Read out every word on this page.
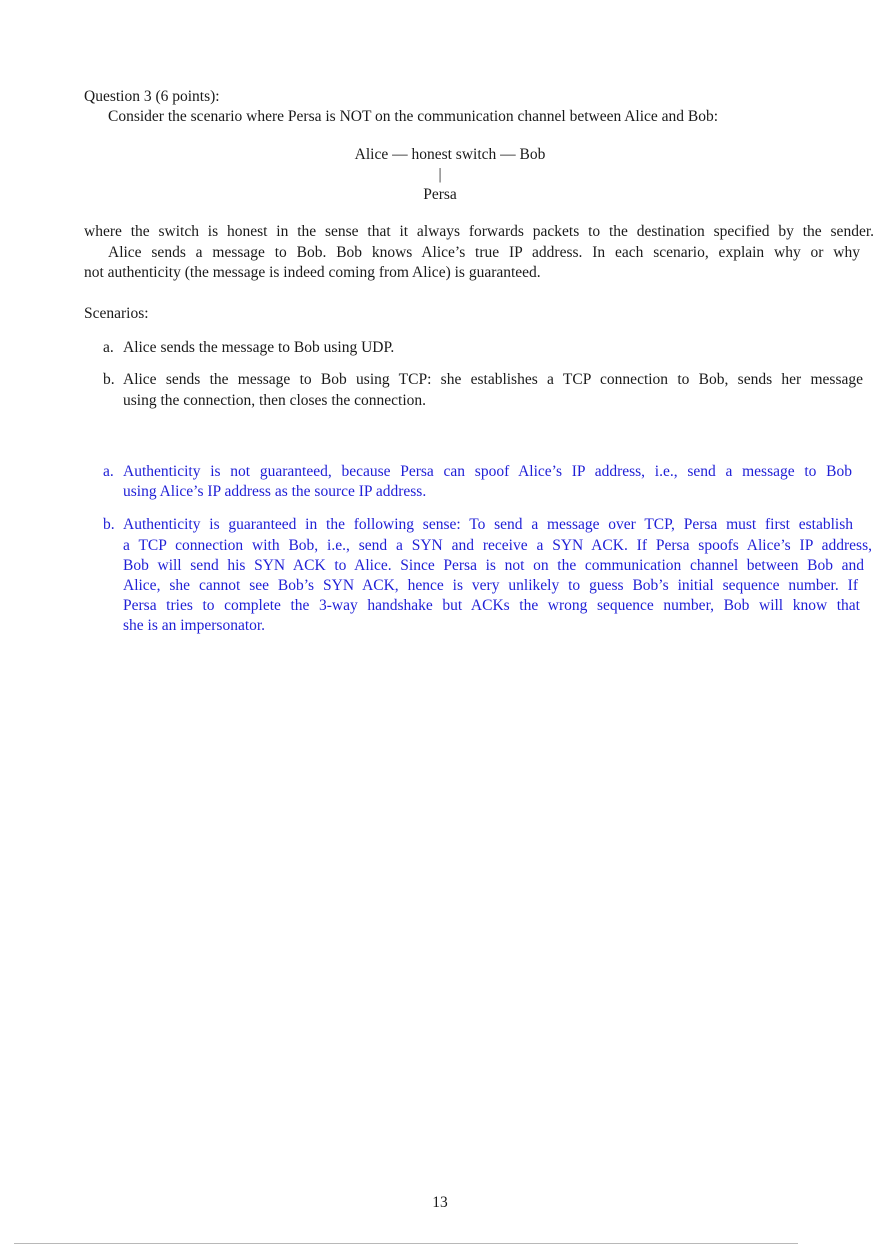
Question 3 (6 points):
Consider the scenario where Persa is NOT on the communication channel between Alice and Bob:
Alice — honest switch — Bob
|
Persa
where the switch is honest in the sense that it always forwards packets to the destination specified by the sender.
Alice sends a message to Bob. Bob knows Alice’s true IP address. In each scenario, explain why or why
not authenticity (the message is indeed coming from Alice) is guaranteed.
Scenarios:
a. Alice sends the message to Bob using UDP.
b. Alice sends the message to Bob using TCP: she establishes a TCP connection to Bob, sends her message
using the connection, then closes the connection.
a. Authenticity is not guaranteed, because Persa can spoof Alice’s IP address, i.e., send a message to Bob
using Alice’s IP address as the source IP address.
b. Authenticity is guaranteed in the following sense: To send a message over TCP, Persa must first establish
a TCP connection with Bob, i.e., send a SYN and receive a SYN ACK. If Persa spoofs Alice’s IP address,
Bob will send his SYN ACK to Alice. Since Persa is not on the communication channel between Bob and
Alice, she cannot see Bob’s SYN ACK, hence is very unlikely to guess Bob’s initial sequence number. If
Persa tries to complete the 3-way handshake but ACKs the wrong sequence number, Bob will know that
she is an impersonator.
13
